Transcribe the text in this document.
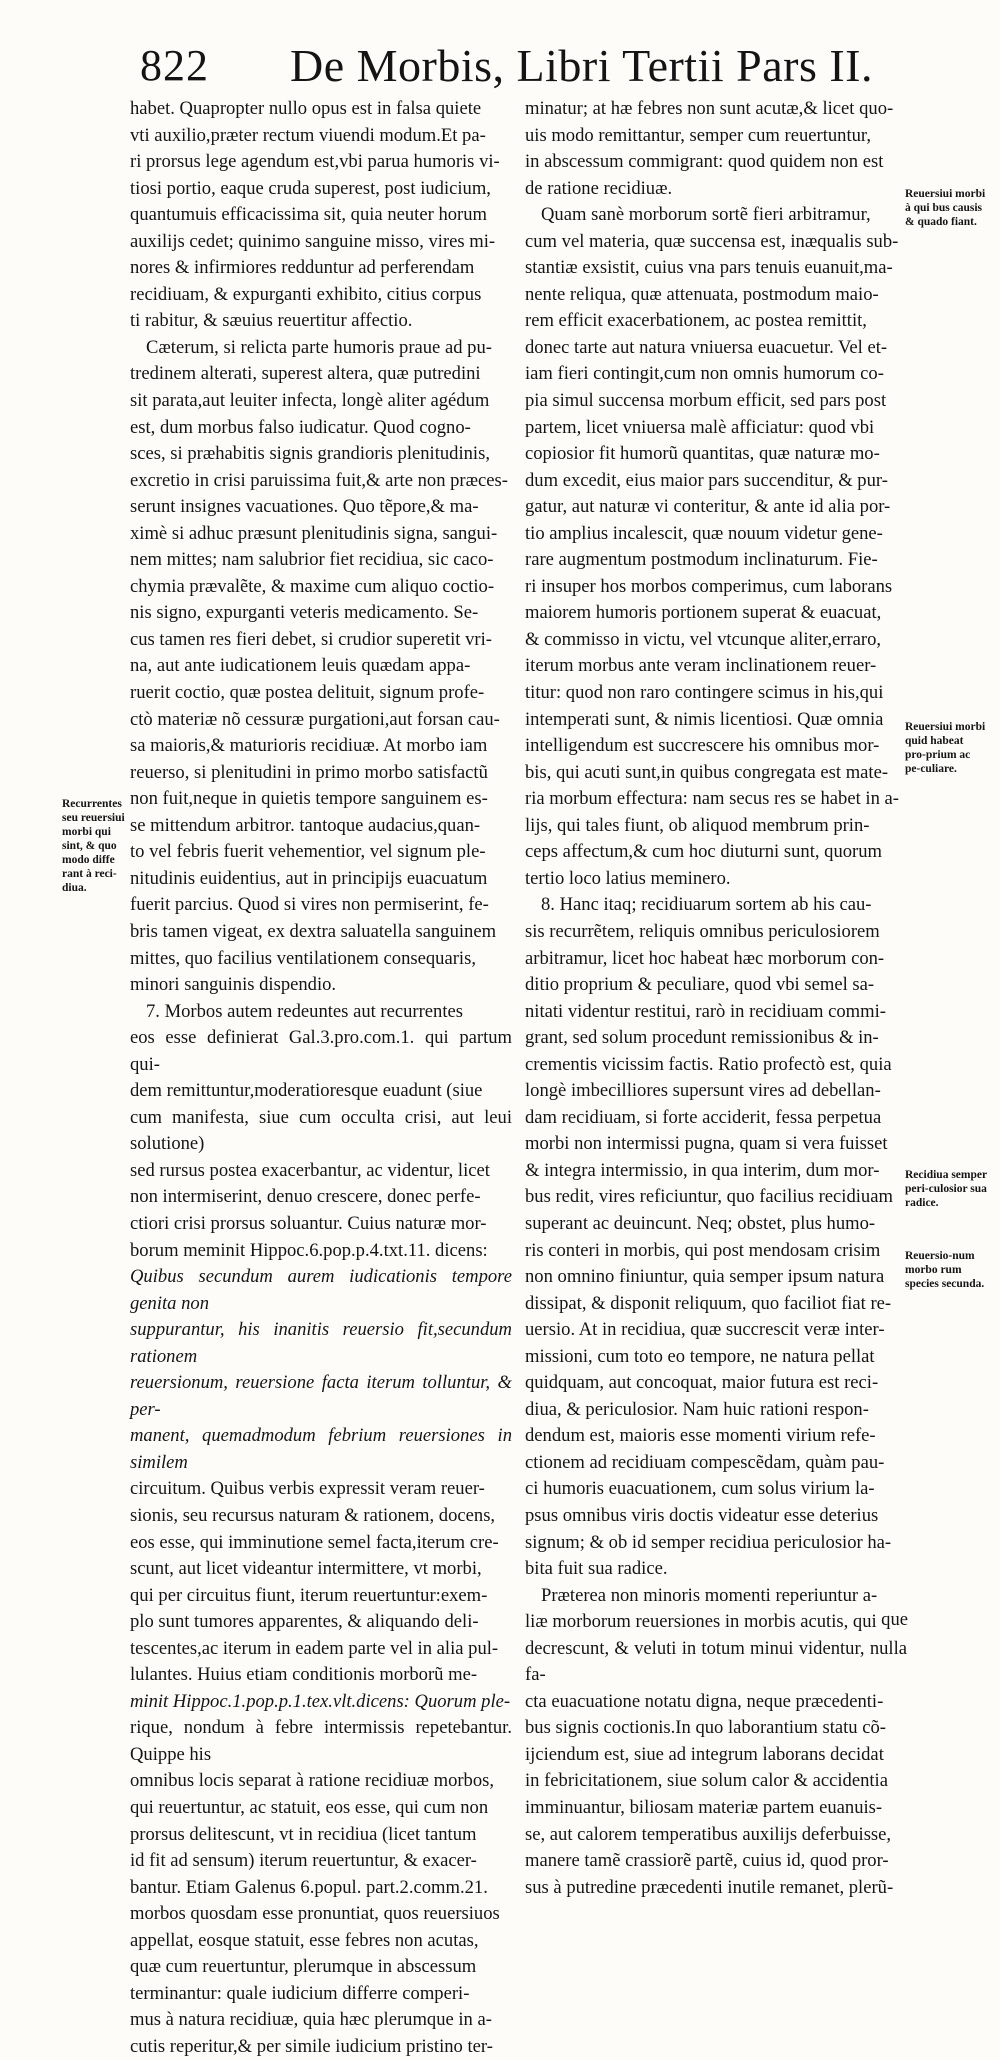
822 De Morbis, Libri Tertii Pars II.

habet. Quapropter nullo opus est in falsa quiete

vti auxilio,præter rectum viuendi modum.Et pa-

ri prorsus lege agendum est,vbi parua humoris vi-

tiosi portio, eaque cruda superest, post iudicium,

quantumuis efficacissima sit, quia neuter horum

auxilijs cedet; quinimo sanguine misso, vires mi-

nores & infirmiores redduntur ad perferendam

recidiuam, & expurganti exhibito, citius corpus

ti rabitur, & sæuius reuertitur affectio.

Cæterum, si relicta parte humoris praue ad pu-

tredinem alterati, superest altera, quæ putredini

sit parata,aut leuiter infecta, longè aliter agédum

est, dum morbus falso iudicatur. Quod cogno-

sces, si præhabitis signis grandioris plenitudinis,

excretio in crisi paruissima fuit,& arte non præces-

serunt insignes vacuationes. Quo tẽpore,& ma-

ximè si adhuc præsunt plenitudinis signa, sangui-

nem mittes; nam salubrior fiet recidiua, sic caco-

chymia prævalẽte, & maxime cum aliquo coctio-

nis signo, expurganti veteris medicamento. Se-

cus tamen res fieri debet, si crudior superetit vri-

na, aut ante iudicationem leuis quædam appa-

ruerit coctio, quæ postea delituit, signum profe-

ctò materiæ nõ cessuræ purgationi,aut forsan cau-

sa maioris,& maturioris recidiuæ. At morbo iam

reuerso, si plenitudini in primo morbo satisfactũ

non fuit,neque in quietis tempore sanguinem es-

se mittendum arbitror. tantoque audacius,quan-

to vel febris fuerit vehementior, vel signum ple-

nitudinis euidentius, aut in principijs euacuatum

fuerit parcius. Quod si vires non permiserint, fe-

bris tamen vigeat, ex dextra saluatella sanguinem

mittes, quo facilius ventilationem consequaris,

minori sanguinis dispendio.

7. Morbos autem redeuntes aut recurrentes

eos esse definierat Gal.3.pro.com.1. qui partum qui-

dem remittuntur,moderatioresque euadunt (siue

cum manifesta, siue cum occulta crisi, aut leui solutione)

sed rursus postea exacerbantur, ac videntur, licet

non intermiserint, denuo crescere, donec perfe-

ctiori crisi prorsus soluantur. Cuius naturæ mor-

borum meminit Hippoc.6.pop.p.4.txt.11. dicens:

Quibus secundum aurem iudicationis tempore genita non

suppurantur, his inanitis reuersio fit,secundum rationem

reuersionum, reuersione facta iterum tolluntur, & per-

manent, quemadmodum febrium reuersiones in similem

circuitum. Quibus verbis expressit veram reuer-

sionis, seu recursus naturam & rationem, docens,

eos esse, qui imminutione semel facta,iterum cre-

scunt, aut licet videantur intermittere, vt morbi,

qui per circuitus fiunt, iterum reuertuntur:exem-

plo sunt tumores apparentes, & aliquando deli-

tescentes,ac iterum in eadem parte vel in alia pul-

lulantes. Huius etiam conditionis morborũ me-

minit Hippoc.1.pop.p.1.tex.vlt.dicens: Quorum ple-

rique, nondum à febre intermissis repetebantur. Quippe his

omnibus locis separat à ratione recidiuæ morbos,

qui reuertuntur, ac statuit, eos esse, qui cum non

prorsus delitescunt, vt in recidiua (licet tantum

id fit ad sensum) iterum reuertuntur, & exacer-

bantur. Etiam Galenus 6.popul. part.2.comm.21.

morbos quosdam esse pronuntiat, quos reuersiuos

appellat, eosque statuit, esse febres non acutas,

quæ cum reuertuntur, plerumque in abscessum

terminantur: quale iudicium differre comperi-

mus à natura recidiuæ, quia hæc plerumque in a-

cutis reperitur,& per simile iudicium pristino ter-

minatur; at hæ febres non sunt acutæ,& licet quo-

uis modo remittantur, semper cum reuertuntur,

in abscessum commigrant: quod quidem non est

de ratione recidiuæ.

Quam sanè morborum sortẽ fieri arbitramur,

cum vel materia, quæ succensa est, inæqualis sub-

stantiæ exsistit, cuius vna pars tenuis euanuit,ma-

nente reliqua, quæ attenuata, postmodum maio-

rem efficit exacerbationem, ac postea remittit,

donec tarte aut natura vniuersa euacuetur. Vel et-

iam fieri contingit,cum non omnis humorum co-

pia simul succensa morbum efficit, sed pars post

partem, licet vniuersa malè afficiatur: quod vbi

copiosior fit humorũ quantitas, quæ naturæ mo-

dum excedit, eius maior pars succenditur, & pur-

gatur, aut naturæ vi conteritur, & ante id alia por-

tio amplius incalescit, quæ nouum videtur gene-

rare augmentum postmodum inclinaturum. Fie-

ri insuper hos morbos comperimus, cum laborans

maiorem humoris portionem superat & euacuat,

& commisso in victu, vel vtcunque aliter,erraro,

iterum morbus ante veram inclinationem reuer-

titur: quod non raro contingere scimus in his,qui

intemperati sunt, & nimis licentiosi. Quæ omnia

intelligendum est succrescere his omnibus mor-

bis, qui acuti sunt,in quibus congregata est mate-

ria morbum effectura: nam secus res se habet in a-

lijs, qui tales fiunt, ob aliquod membrum prin-

ceps affectum,& cum hoc diuturni sunt, quorum

tertio loco latius meminero.

8. Hanc itaq; recidiuarum sortem ab his cau-

sis recurrẽtem, reliquis omnibus periculosiorem

arbitramur, licet hoc habeat hæc morborum con-

ditio proprium & peculiare, quod vbi semel sa-

nitati videntur restitui, rarò in recidiuam commi-

grant, sed solum procedunt remissionibus & in-

crementis vicissim factis. Ratio profectò est, quia

longè imbecilliores supersunt vires ad debellan-

dam recidiuam, si forte acciderit, fessa perpetua

morbi non intermissi pugna, quam si vera fuisset

& integra intermissio, in qua interim, dum mor-

bus redit, vires reficiuntur, quo facilius recidiuam

superant ac deuincunt. Neq; obstet, plus humo-

ris conteri in morbis, qui post mendosam crisim

non omnino finiuntur, quia semper ipsum natura

dissipat, & disponit reliquum, quo faciliot fiat re-

uersio. At in recidiua, quæ succrescit veræ inter-

missioni, cum toto eo tempore, ne natura pellat

quidquam, aut concoquat, maior futura est reci-

diua, & periculosior. Nam huic rationi respon-

dendum est, maioris esse momenti virium refe-

ctionem ad recidiuam compescẽdam, quàm pau-

ci humoris euacuationem, cum solus virium la-

psus omnibus viris doctis videatur esse deterius

signum; & ob id semper recidiua periculosior ha-

bita fuit sua radice.

Præterea non minoris momenti reperiuntur a-

liæ morborum reuersiones in morbis acutis, qui

decrescunt, & veluti in totum minui videntur, nulla fa-

cta euacuatione notatu digna, neque præcedenti-

bus signis coctionis.In quo laborantium statu cõ-

ijciendum est, siue ad integrum laborans decidat

in febricitationem, siue solum calor & accidentia

imminuantur, biliosam materiæ partem euanuis-

se, aut calorem temperatibus auxilijs deferbuisse,

manere tamẽ crassiorẽ partẽ, cuius id, quod pror-

sus à putredine præcedenti inutile remanet, plerũ-

Recurrentes seu reuersiui morbi qui sint, & quo modo diffe rant à reci-diua.
Reuersiui morbi à qui bus causis & quado fiant.
Reuersiui morbi quid habeat pro-prium ac pe-culiare.
Recidiua semper peri-culosior sua radice.
Reuersio-num morbo rum species secunda.
que
